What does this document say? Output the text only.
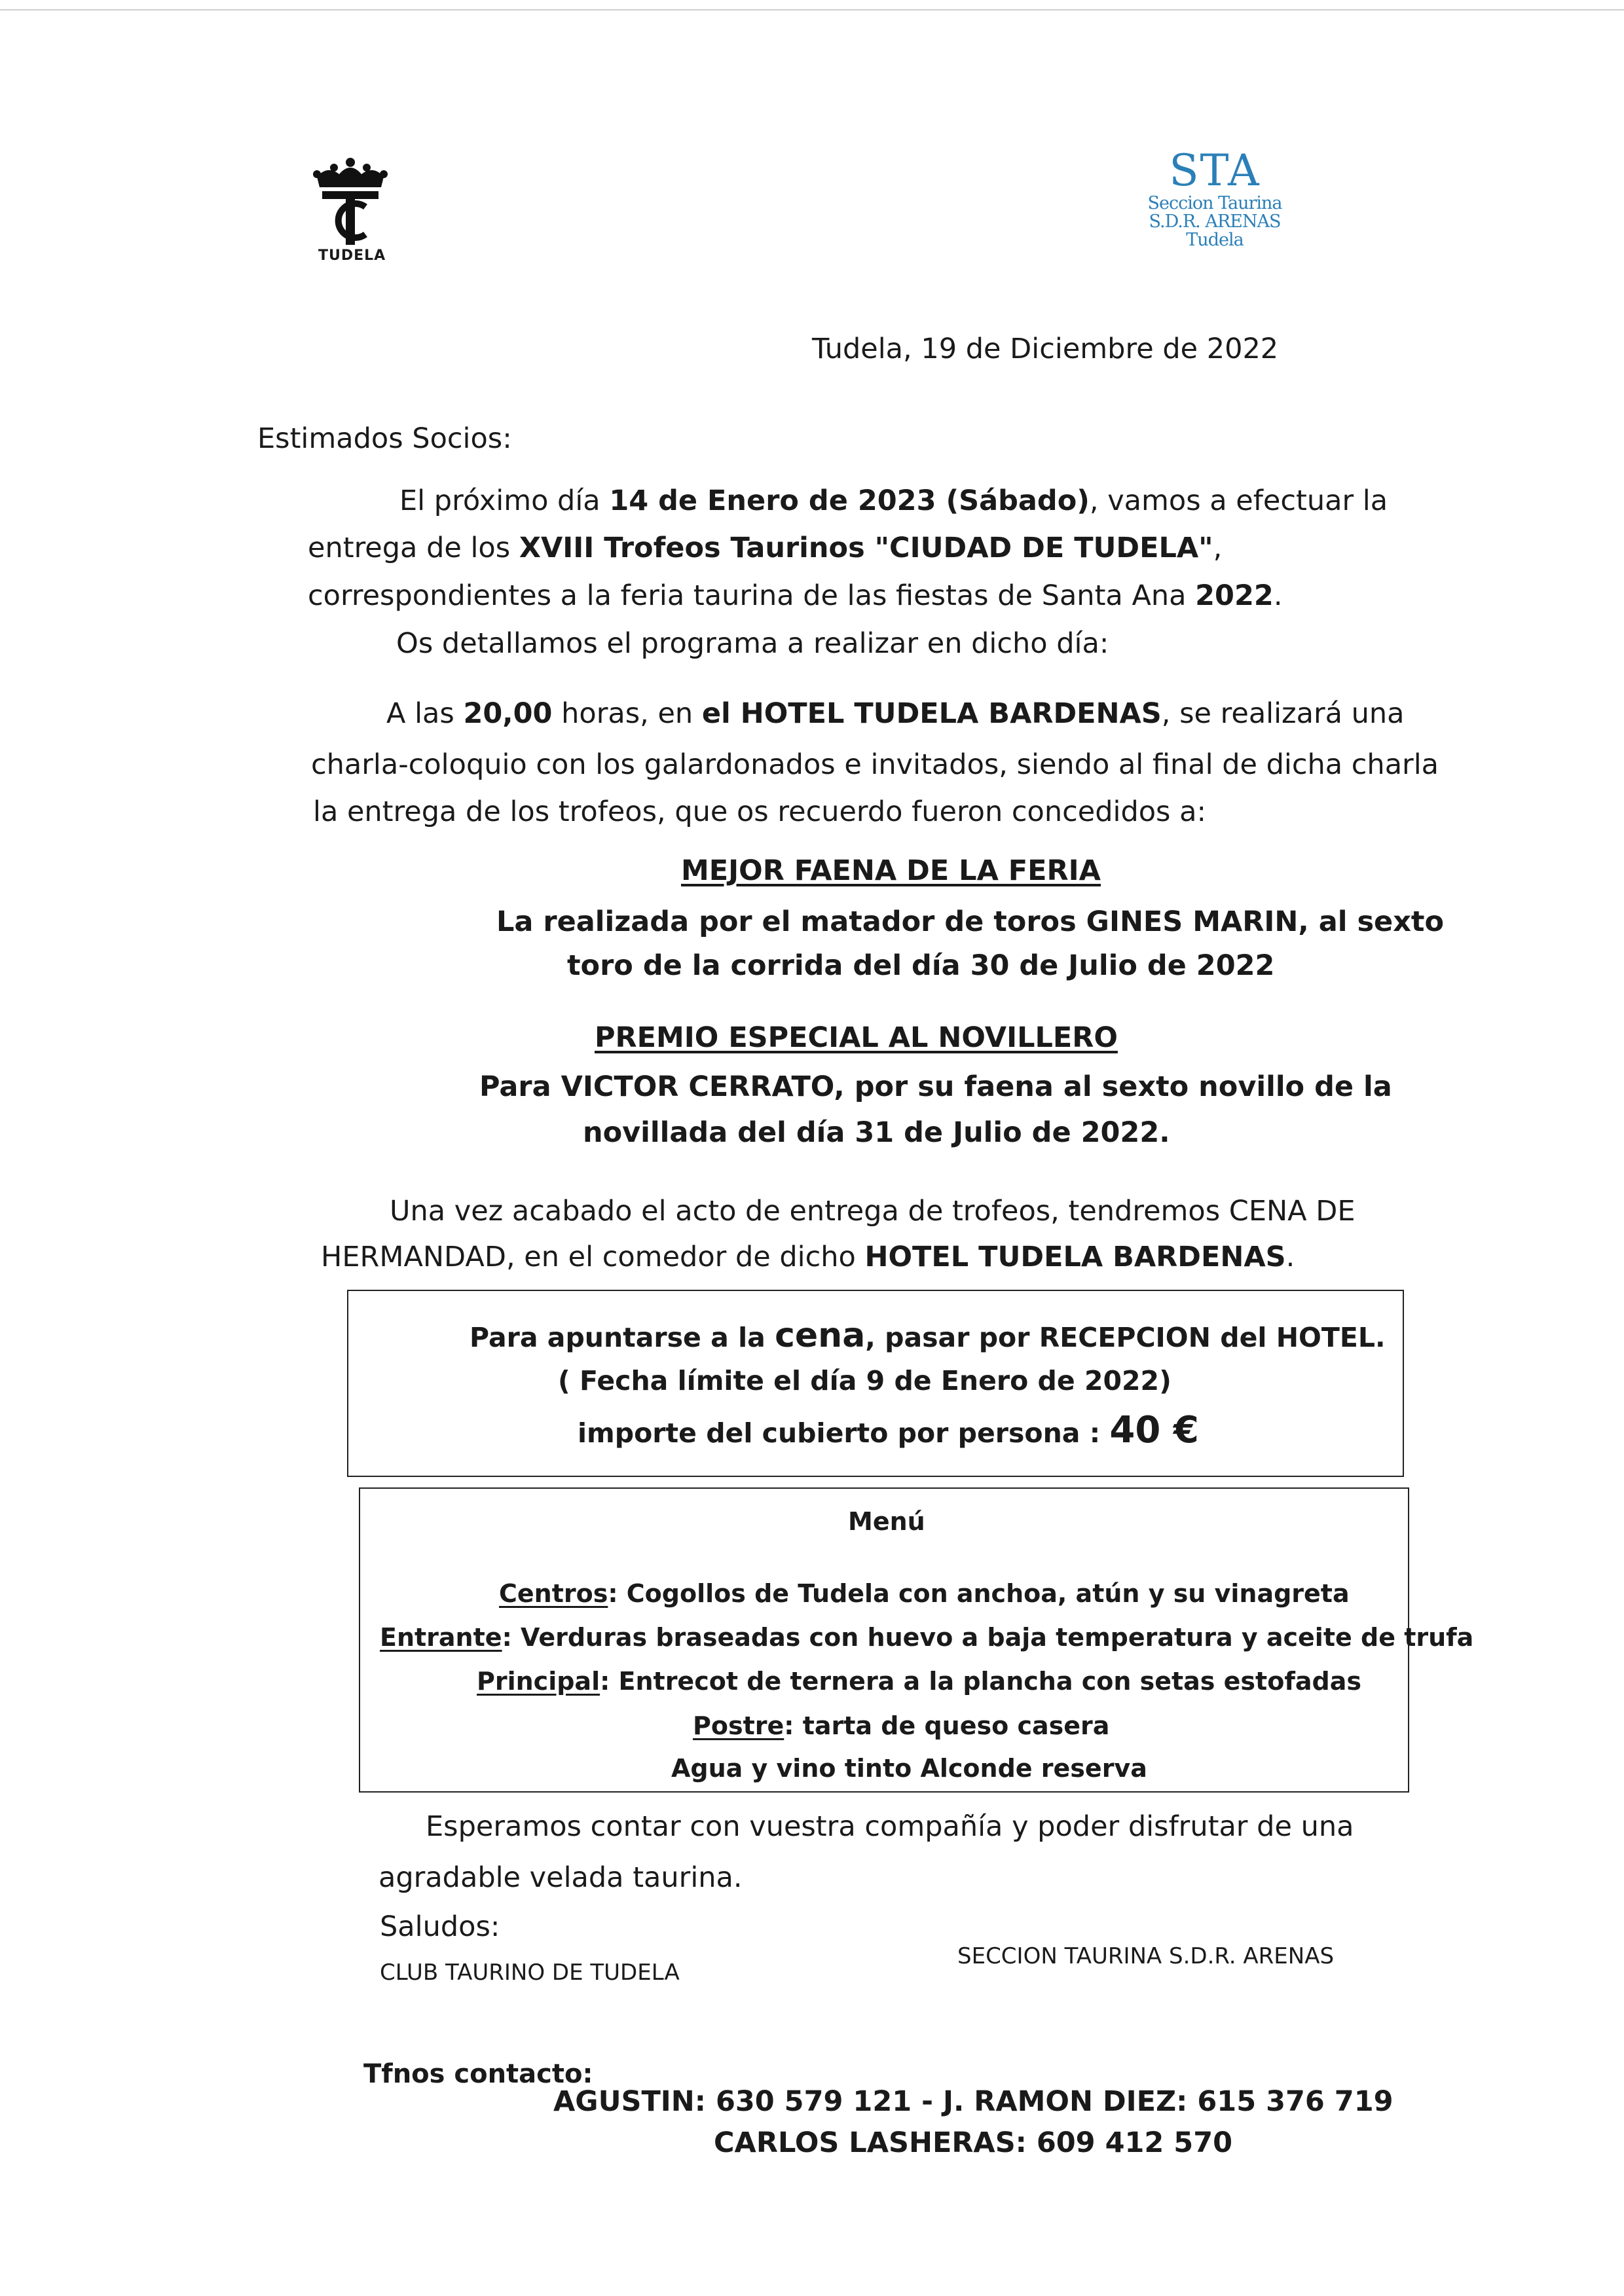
TUDELA
STA
Seccion Taurina
S.D.R. ARENAS
Tudela
Tudela, 19 de Diciembre de 2022
Estimados Socios:
El próximo día 14 de Enero de 2023 (Sábado), vamos a efectuar la
entrega de los XVIII Trofeos Taurinos "CIUDAD DE TUDELA",
correspondientes a la feria taurina de las fiestas de Santa Ana 2022.
Os detallamos el programa a realizar en dicho día:
A las 20,00 horas, en el HOTEL TUDELA BARDENAS, se realizará una
charla-coloquio con los galardonados e invitados, siendo al final de dicha charla
la entrega de los trofeos, que os recuerdo fueron concedidos a:
MEJOR FAENA DE LA FERIA
La realizada por el matador de toros GINES MARIN, al sexto
toro de la corrida del día 30 de Julio de 2022
PREMIO ESPECIAL AL NOVILLERO
Para VICTOR CERRATO, por su faena al sexto novillo de la
novillada del día 31 de Julio de 2022.
Una vez acabado el acto de entrega de trofeos, tendremos CENA DE
HERMANDAD, en el comedor de dicho HOTEL TUDELA BARDENAS.
Para apuntarse a la cena, pasar por RECEPCION del HOTEL.
( Fecha límite el día 9 de Enero de 2022)
importe del cubierto por persona : 40 €
Menú
Centros: Cogollos de Tudela con anchoa, atún y su vinagreta
Entrante: Verduras braseadas con huevo a baja temperatura y aceite de trufa
Principal: Entrecot de ternera a la plancha con setas estofadas
Postre: tarta de queso casera
Agua y vino tinto Alconde reserva
Esperamos contar con vuestra compañía y poder disfrutar de una
agradable velada taurina.
Saludos:
CLUB TAURINO DE TUDELA
SECCION TAURINA S.D.R. ARENAS
Tfnos contacto:
AGUSTIN: 630 579 121 - J. RAMON DIEZ: 615 376 719
CARLOS LASHERAS: 609 412 570
